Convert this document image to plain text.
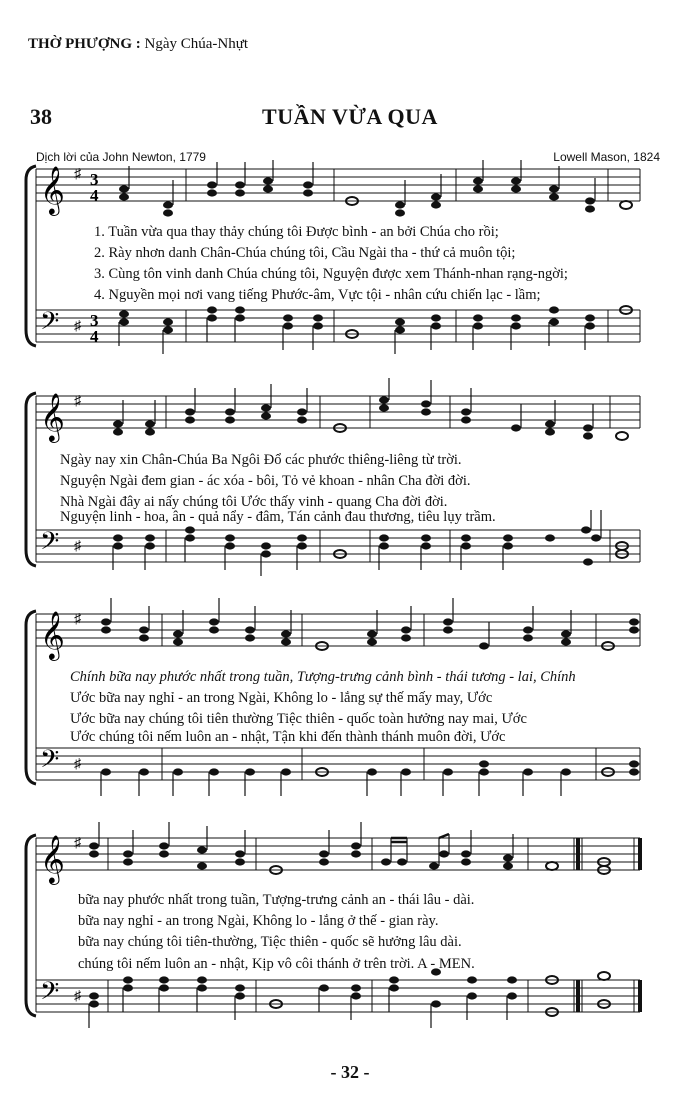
THỜ PHƯỢNG : Ngày Chúa-Nhựt
38	TUẦN VỪA QUA
Dịch lời của John Newton, 1779	Lowell Mason, 1824
𝄞
𝄢
♯
♯
3
4
3
4
1. Tuần vừa qua thay thảy chúng tôi Được bình - an bởi Chúa cho rồi;
2. Rày nhơn danh Chân-Chúa chúng tôi, Cầu Ngài tha - thứ cả muôn tội;
3. Cùng tôn vinh danh Chúa chúng tôi, Nguyện được xem Thánh-nhan rạng-ngời;
4. Nguyền mọi nơi vang tiếng Phước-âm, Vực tội - nhân cứu chiến lạc - lầm;
𝄞
𝄢
♯
♯
Ngày nay xin Chân-Chúa Ba Ngôi Đổ các phước thiêng-liêng từ trời.
Nguyện Ngài đem gian - ác xóa - bôi, Tỏ vẻ khoan - nhân Cha đời đời.
Nhà Ngài đây ai nấy chúng tôi Ước thấy vinh - quang Cha đời đời.
Nguyện linh - hoa, ân - quả nẩy - đâm, Tán cảnh đau thương, tiêu lụy trầm.
𝄞
𝄢
♯
♯
Chính bữa nay phước nhất trong tuần, Tượng-trưng cảnh bình - thái tương - lai, Chính
Ước bữa nay nghỉ - an trong Ngài, Không lo - lắng sự thế mấy may, Ước
Ước bữa nay chúng tôi tiên thường Tiệc thiên - quốc toàn hưởng nay mai, Ước
Ước chúng tôi nếm luôn an - nhật, Tận khi đến thành thánh muôn đời, Ước
𝄞
𝄢
♯
♯
bữa nay phước nhất trong tuần, Tượng-trưng cảnh an - thái lâu - dài.
bữa nay nghỉ - an trong Ngài, Không lo - lắng ở thế - gian rày.
bữa nay chúng tôi tiên-thường, Tiệc thiên - quốc sẽ hưởng lâu dài.
chúng tôi nếm luôn an - nhật, Kịp vô côi thánh ở trên trời. A - MEN.
- 32 -
